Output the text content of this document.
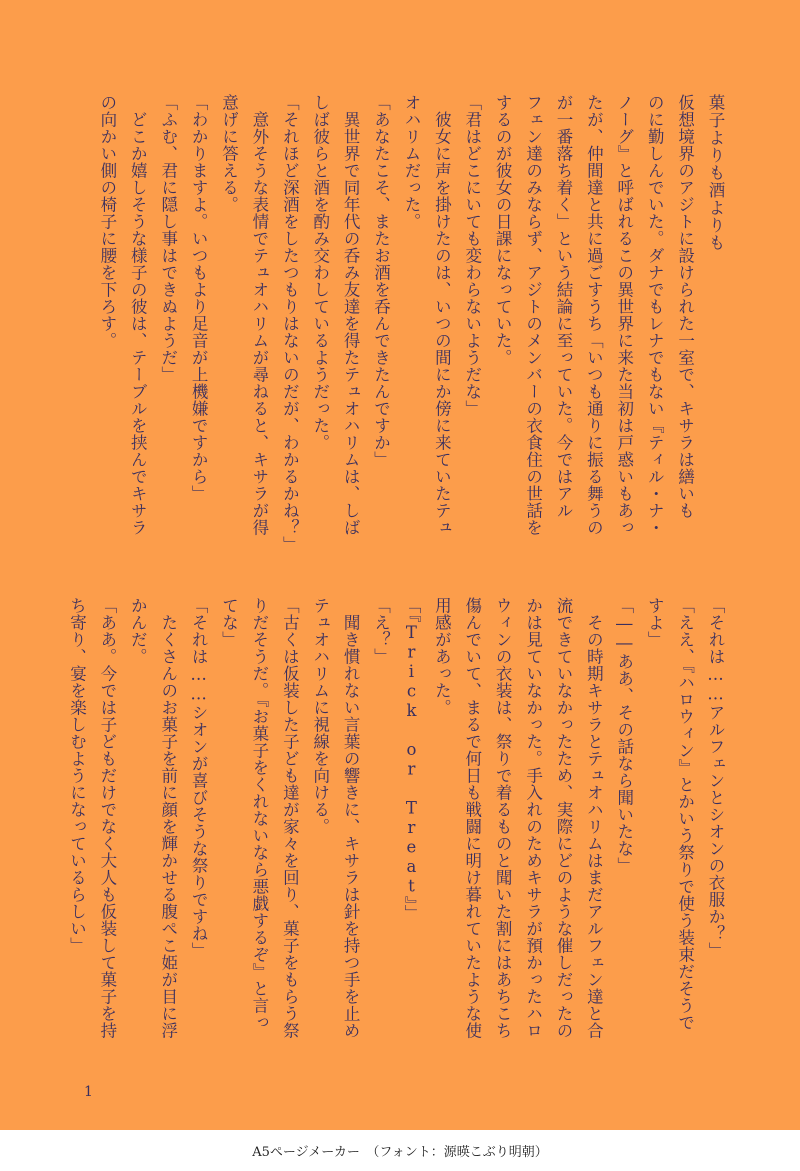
菓子よりも酒よりも
仮想境界のアジトに設けられた一室で、キサラは繕いも
のに勤しんでいた。ダナでもレナでもない『ティル・ナ・
ノーグ』と呼ばれるこの異世界に来た当初は戸惑いもあっ
たが、仲間達と共に過ごすうち「いつも通りに振る舞うの
が一番落ち着く」という結論に至っていた。今ではアル
フェン達のみならず、アジトのメンバーの衣食住の世話を
するのが彼女の日課になっていた。
「君はどこにいても変わらないようだな」
　彼女に声を掛けたのは、いつの間にか傍に来ていたテュ
オハリムだった。
「あなたこそ、またお酒を呑んできたんですか」
　異世界で同年代の呑み友達を得たテュオハリムは、しば
しば彼らと酒を酌み交わしているようだった。
「それほど深酒をしたつもりはないのだが、わかるかね？」
　意外そうな表情でテュオハリムが尋ねると、キサラが得
意げに答える。
「わかりますよ。いつもより足音が上機嫌ですから」
「ふむ、君に隠し事はできぬようだ」
　どこか嬉しそうな様子の彼は、テーブルを挟んでキサラ
の向かい側の椅子に腰を下ろす。
「それは……アルフェンとシオンの衣服か？」
「ええ、『ハロウィン』とかいう祭りで使う装束だそうで
すよ」
「――ああ、その話なら聞いたな」
　その時期キサラとテュオハリムはまだアルフェン達と合
流できていなかったため、実際にどのような催しだったの
かは見ていなかった。手入れのためキサラが預かったハロ
ウィンの衣装は、祭りで着るものと聞いた割にはあちこち
傷んでいて、まるで何日も戦闘に明け暮れていたような使
用感があった。
「『Trick or Treat』」
「え？」
　聞き慣れない言葉の響きに、キサラは針を持つ手を止め
テュオハリムに視線を向ける。
「古くは仮装した子ども達が家々を回り、菓子をもらう祭
りだそうだ。『お菓子をくれないなら悪戯するぞ』と言っ
てな」
「それは……シオンが喜びそうな祭りですね」
　たくさんのお菓子を前に顔を輝かせる腹ぺこ姫が目に浮
かんだ。
「ああ。今では子どもだけでなく大人も仮装して菓子を持
ち寄り、宴を楽しむようになっているらしい」
1
A5ページメーカー　（フォント：源暎こぶり明朝）
